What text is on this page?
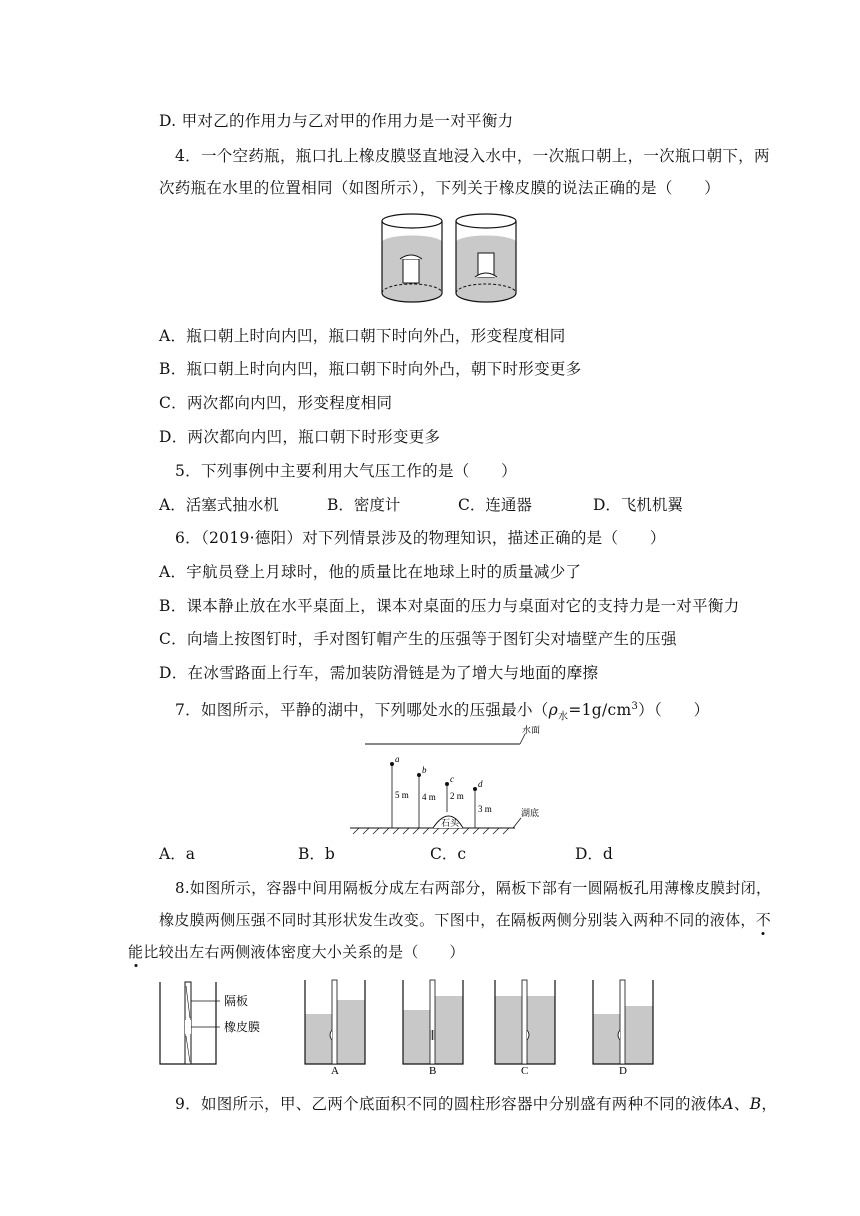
D. 甲对乙的作用力与乙对甲的作用力是一对平衡力
4．一个空药瓶，瓶口扎上橡皮膜竖直地浸入水中，一次瓶口朝上，一次瓶口朝下，两
次药瓶在水里的位置相同（如图所示），下列关于橡皮膜的说法正确的是（　　）
A．瓶口朝上时向内凹，瓶口朝下时向外凸，形变程度相同
B．瓶口朝上时向内凹，瓶口朝下时向外凸，朝下时形变更多
C．两次都向内凹，形变程度相同
D．两次都向内凹，瓶口朝下时形变更多
5．下列事例中主要利用大气压工作的是（　　）
A．活塞式抽水机	B．密度计	C．连通器	D．飞机机翼
6．（2019·德阳）对下列情景涉及的物理知识，描述正确的是（　　）
A．宇航员登上月球时，他的质量比在地球上时的质量减少了
B．课本静止放在水平桌面上，课本对桌面的压力与桌面对它的支持力是一对平衡力
C．向墙上按图钉时，手对图钉帽产生的压强等于图钉尖对墙壁产生的压强
D．在冰雪路面上行车，需加装防滑链是为了增大与地面的摩擦
7．如图所示，平静的湖中，下列哪处水的压强最小$(\rho_水=1g/cm^3)$（　　）
水面
湖底
石头
a
5 m
b
4 m
c
2 m
d
3 m
A．a	B．b	C．c	D．d
8.如图所示，容器中间用隔板分成左右两部分，隔板下部有一圆隔板孔用薄橡皮膜封闭，
橡皮膜两侧压强不同时其形状发生改变。下图中，在隔板两侧分别装入两种不同的液体，不
能比较出左右两侧液体密度大小关系的是（　　）
隔板
橡皮膜
A	B	C	D
9．如图所示，甲、乙两个底面积不同的圆柱形容器中分别盛有两种不同的液体A、B，
